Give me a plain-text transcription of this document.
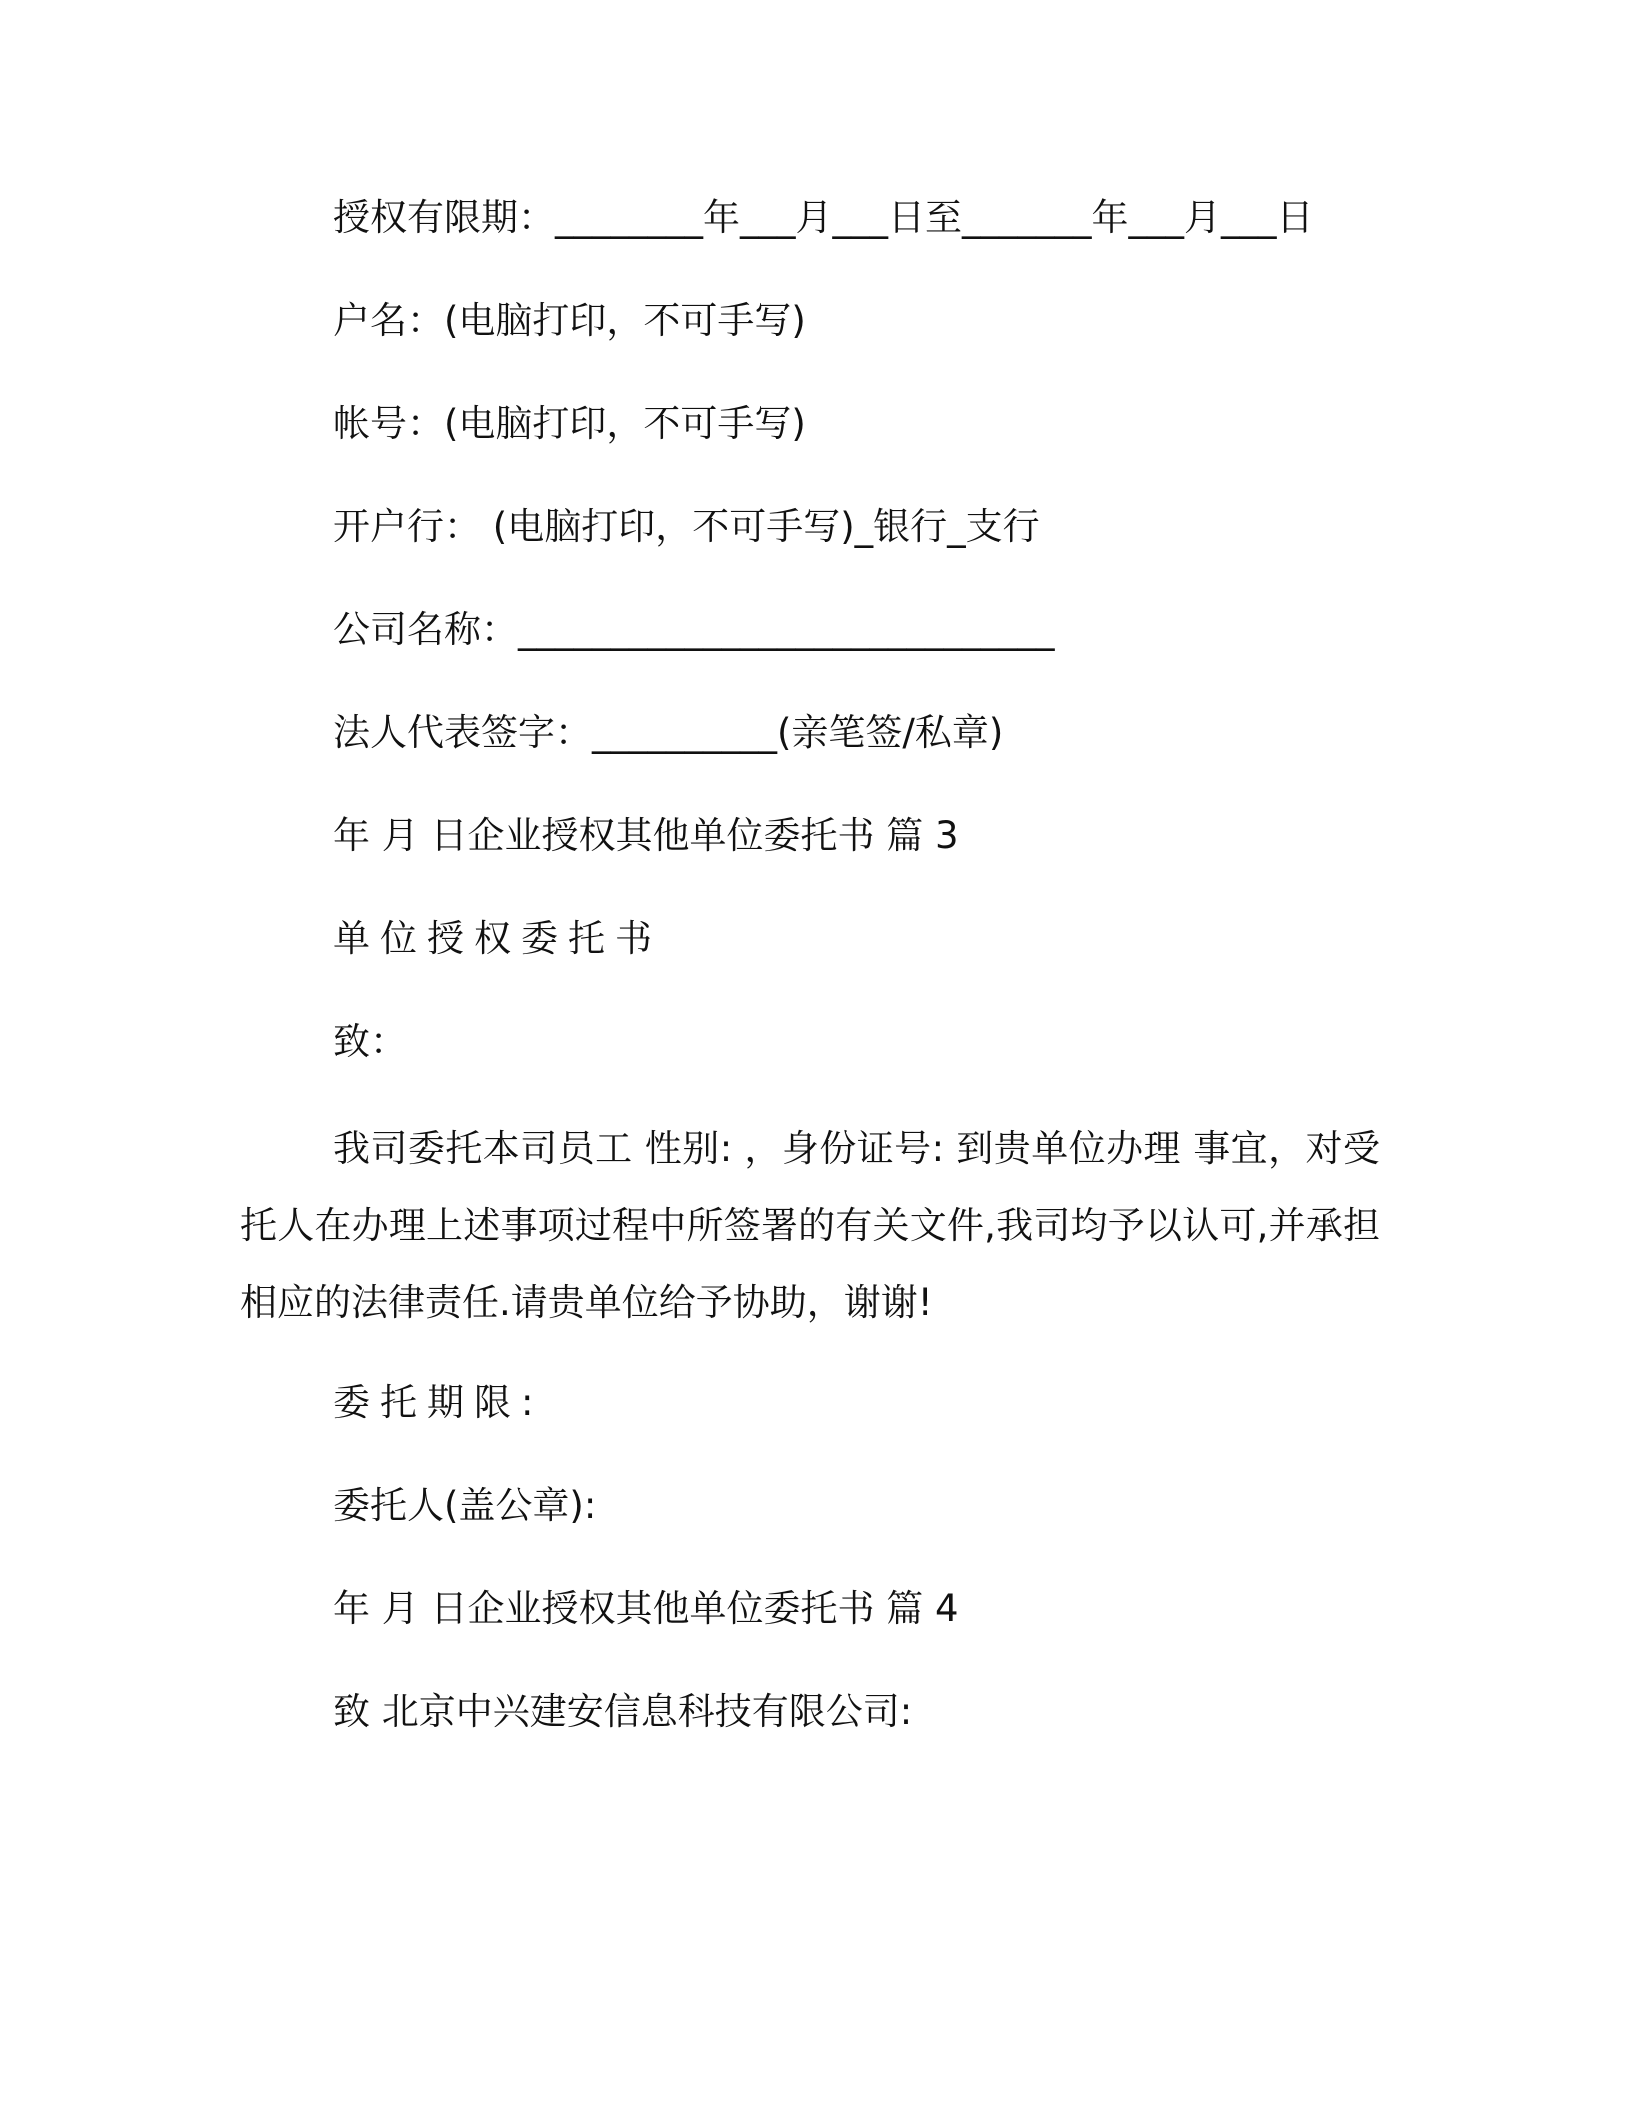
授权有限期：________年___月___日至_______年___月___日
户名：(电脑打印，不可手写)
帐号：(电脑打印，不可手写)
开户行： (电脑打印，不可手写)_银行_支行
公司名称：_____________________________
法人代表签字：__________(亲笔签/私章)
年 月 日企业授权其他单位委托书 篇 3
单位授权委托书
致：
我司委托本司员工 性别: ，身份证号: 到贵单位办理 事宜，对受托人在办理上述事项过程中所签署的有关文件,我司均予以认可,并承担相应的法律责任.请贵单位给予协助，谢谢!
委托期限:
委托人(盖公章):
年 月 日企业授权其他单位委托书 篇 4
致 北京中兴建安信息科技有限公司:
